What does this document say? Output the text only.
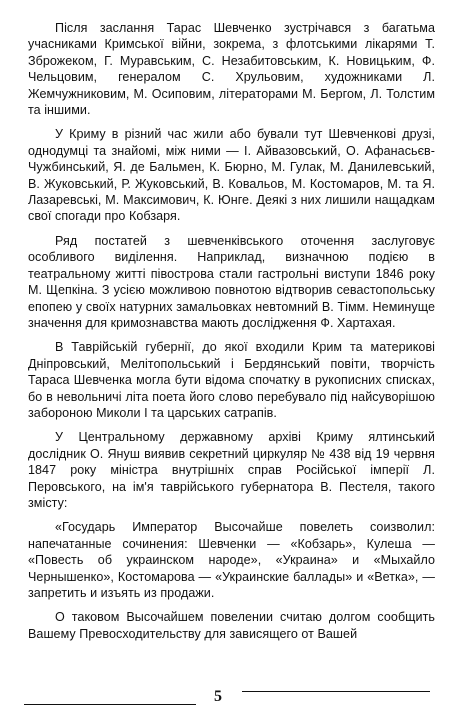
Після заслання Тарас Шевченко зустрічався з багатьма учасниками Кримської війни, зокрема, з флотськими лікарями Т. Зброжеком, Г. Муравським, С. Незабитовським, К. Новицьким, Ф. Чельцовим, генералом С. Хрульовим, художниками Л. Жемчужниковим, М. Осиповим, літераторами М. Бергом, Л. Толстим та іншими.

У Криму в різний час жили або бували тут Шевченкові друзі, однодумці та знайомі, між ними — І. Айвазовський, О. Афанасьєв-Чужбинський, Я. де Бальмен, К. Бюрно, М. Гулак, М. Данилевський, В. Жуковський, Р. Жуковський, В. Ковальов, М. Костомаров, М. та Я. Лазаревські, М. Максимович, К. Юнге. Деякі з них лишили нащадкам свої спогади про Кобзаря.

Ряд постатей з шевченківського оточення заслуговує особливого виділення. Наприклад, визначною подією в театральному житті півострова стали гастрольні виступи 1846 року М. Щепкіна. З усією можливою повнотою відтворив севастопольську епопею у своїх натурних замальовках невтомний В. Тімм. Неминуще значення для кримознавства мають дослідження Ф. Хартахая.

В Таврійській губернії, до якої входили Крим та материкові Дніпровський, Мелітопольський і Бердянський повіти, творчість Тараса Шевченка могла бути відома спочатку в рукописних списках, бо в невольничі літа поета його слово перебувало під найсуворішою забороною Миколи І та царських сатрапів.

У Центральному державному архіві Криму ялтинський дослідник О. Януш виявив секретний циркуляр № 438 від 19 червня 1847 року міністра внутрішніх справ Російської імперії Л. Перовського, на ім'я таврійського губернатора В. Пестеля, такого змісту:

«Государь Император Высочайше повелеть соизволил: напечатанные сочинения: Шевченки — «Кобзарь», Кулеша — «Повесть об украинском народе», «Украина» и «Мыхайло Чернышенко», Костомарова — «Украинские баллады» и «Ветка», — запретить и изъять из продажи.

О таковом Высочайшем повелении считаю долгом сообщить Вашему Превосходительству для зависящего от Вашей

5
